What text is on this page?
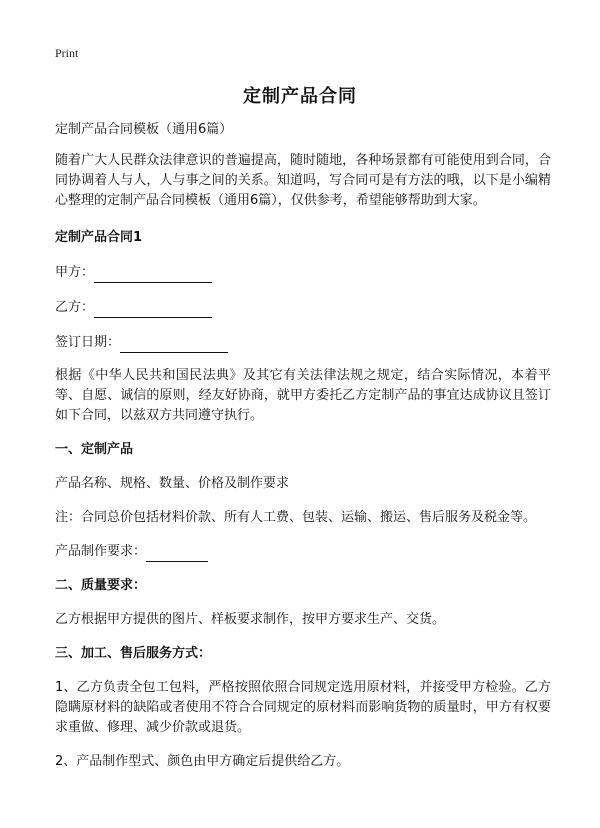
Print
定制产品合同

定制产品合同模板（通用6篇）

随着广大人民群众法律意识的普遍提高，随时随地，各种场景都有可能使用到合同，合同协调着人与人，人与事之间的关系。知道吗，写合同可是有方法的哦，以下是小编精心整理的定制产品合同模板（通用6篇），仅供参考，希望能够帮助到大家。

定制产品合同1

甲方：
乙方：
签订日期：

根据《中华人民共和国民法典》及其它有关法律法规之规定，结合实际情况，本着平等、自愿、诚信的原则，经友好协商，就甲方委托乙方定制产品的事宜达成协议且签订如下合同，以兹双方共同遵守执行。

一、定制产品

产品名称、规格、数量、价格及制作要求

注：合同总价包括材料价款、所有人工费、包装、运输、搬运、售后服务及税金等。

产品制作要求：

二、质量要求：

乙方根据甲方提供的图片、样板要求制作，按甲方要求生产、交货。

三、加工、售后服务方式：

1、乙方负责全包工包料，严格按照依照合同规定选用原材料，并接受甲方检验。乙方隐瞒原材料的缺陷或者使用不符合合同规定的原材料而影响货物的质量时，甲方有权要求重做、修理、减少价款或退货。

2、产品制作型式、颜色由甲方确定后提供给乙方。
